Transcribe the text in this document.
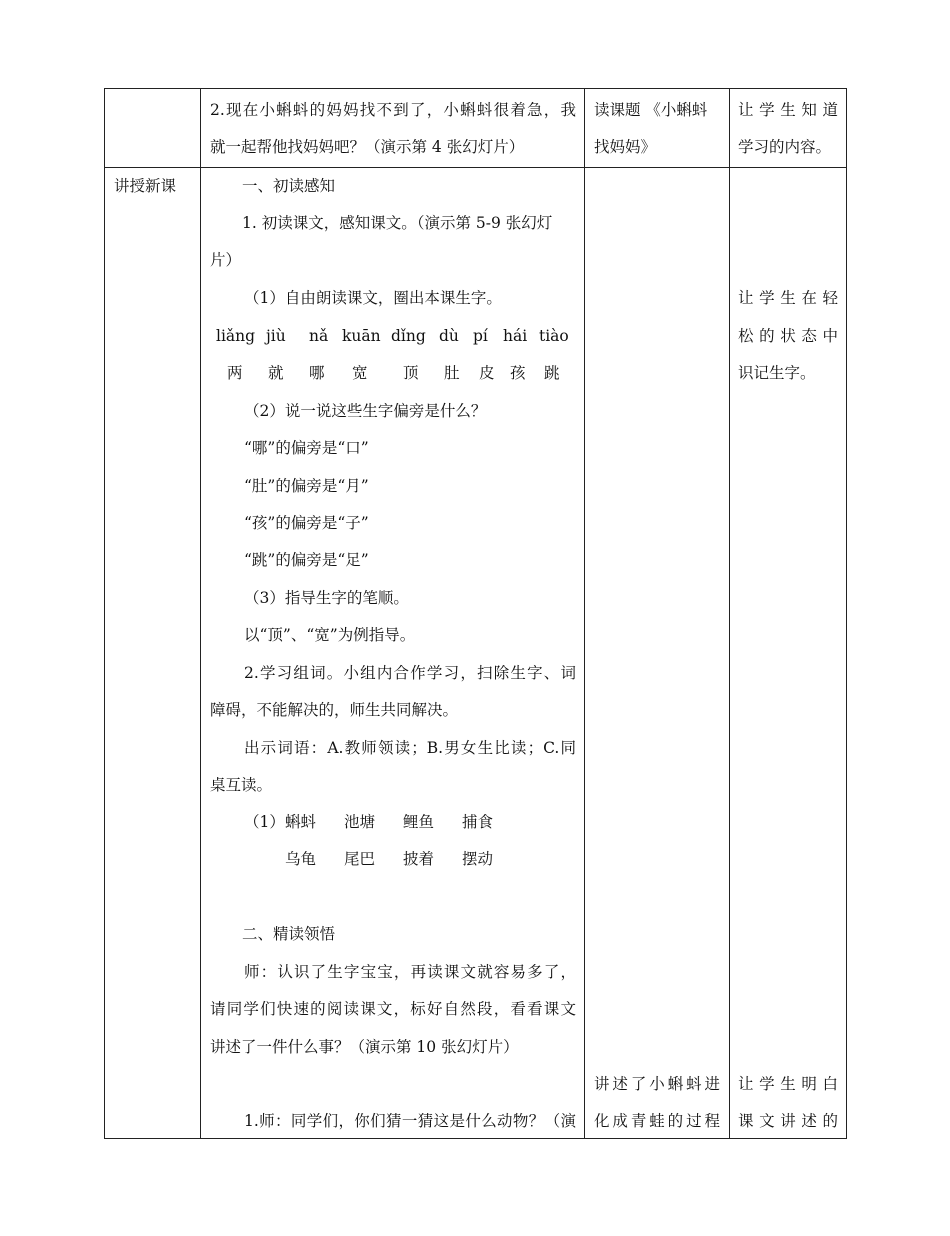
2.现在小蝌蚪的妈妈找不到了，小蝌蚪很着急，我
就一起帮他找妈妈吧？（演示第 4 张幻灯片）
读课题 《小蝌蚪
找妈妈》
让学生知道
学习的内容。
讲授新课	一、初读感知
1. 初读课文，感知课文。（演示第 5-9 张幻灯
片）
（1）自由朗读课文，圈出本课生字。
liǎng jiù nǎ kuān dǐng dù pí hái tiào
两 就 哪 宽 顶 肚 皮 孩 跳
（2）说一说这些生字偏旁是什么？
“哪”的偏旁是“口”
“肚”的偏旁是“月”
“孩”的偏旁是“子”
“跳”的偏旁是“足”
（3）指导生字的笔顺。
以“顶”、“宽”为例指导。
2.学习组词。小组内合作学习，扫除生字、词
障碍，不能解决的，师生共同解决。
出示词语：A.教师领读；B.男女生比读；C.同
桌互读。
（1） 蝌蚪 池塘 鲤鱼 捕食
乌龟 尾巴 披着 摆动
二、精读领悟
师：认识了生字宝宝，再读课文就容易多了，
请同学们快速的阅读课文，标好自然段，看看课文
讲述了一件什么事？（演示第 10 张幻灯片）
1.师：同学们，你们猜一猜这是什么动物？（演
讲述了小蝌蚪进
化成青蛙的过程
让学生在轻
松的状态中
识记生字。
让学生明白
课文讲述的
